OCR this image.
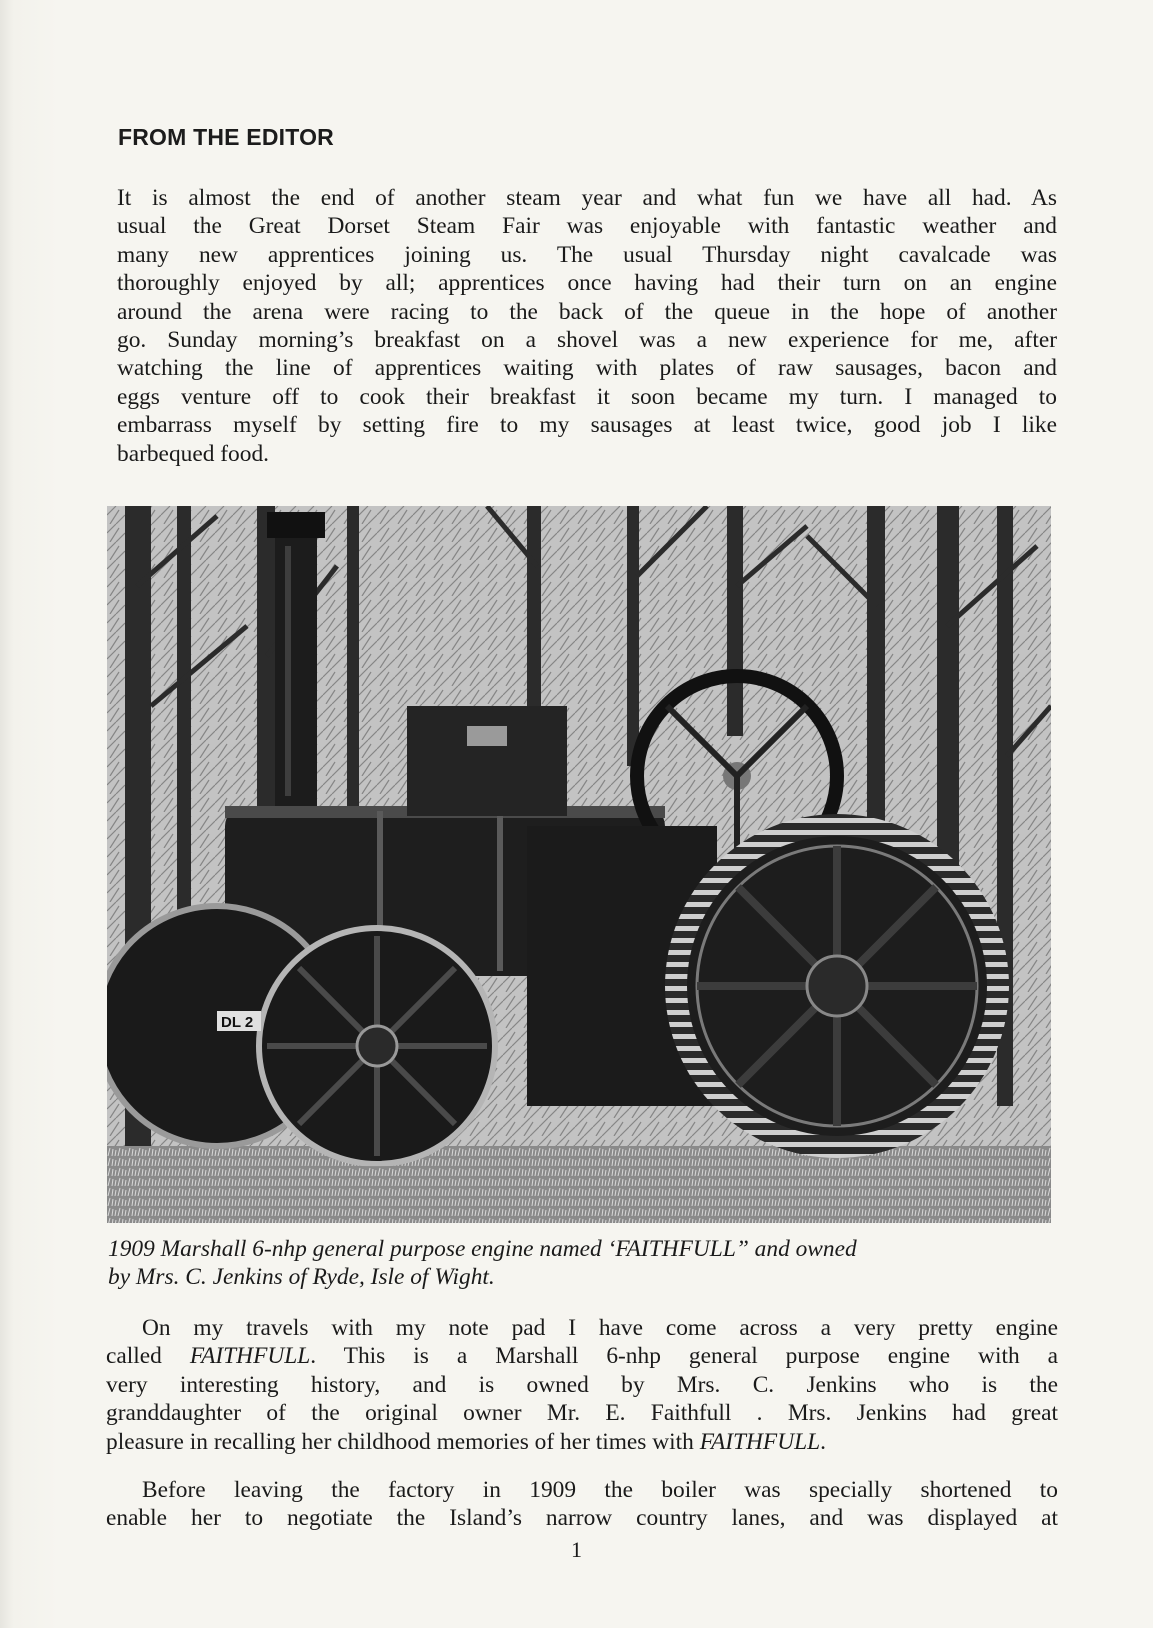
FROM THE EDITOR
It is almost the end of another steam year and what fun we have all had. As
usual the Great Dorset Steam Fair was enjoyable with fantastic weather and
many new apprentices joining us. The usual Thursday night cavalcade was
thoroughly enjoyed by all; apprentices once having had their turn on an engine
around the arena were racing to the back of the queue in the hope of another
go. Sunday morning’s breakfast on a shovel was a new experience for me, after
watching the line of apprentices waiting with plates of raw sausages, bacon and
eggs venture off to cook their breakfast it soon became my turn. I managed to
embarrass myself by setting fire to my sausages at least twice, good job I like
barbequed food.
DL 2
1909 Marshall 6-nhp general purpose engine named ‘FAITHFULL” and owned
by Mrs. C. Jenkins of Ryde, Isle of Wight.
On my travels with my note pad I have come across a very pretty engine
called FAITHFULL. This is a Marshall 6-nhp general purpose engine with a
very interesting history, and is owned by Mrs. C. Jenkins who is the
granddaughter of the original owner Mr. E. Faithfull . Mrs. Jenkins had great
pleasure in recalling her childhood memories of her times with FAITHFULL.
Before leaving the factory in 1909 the boiler was specially shortened to
enable her to negotiate the Island’s narrow country lanes, and was displayed at
1
